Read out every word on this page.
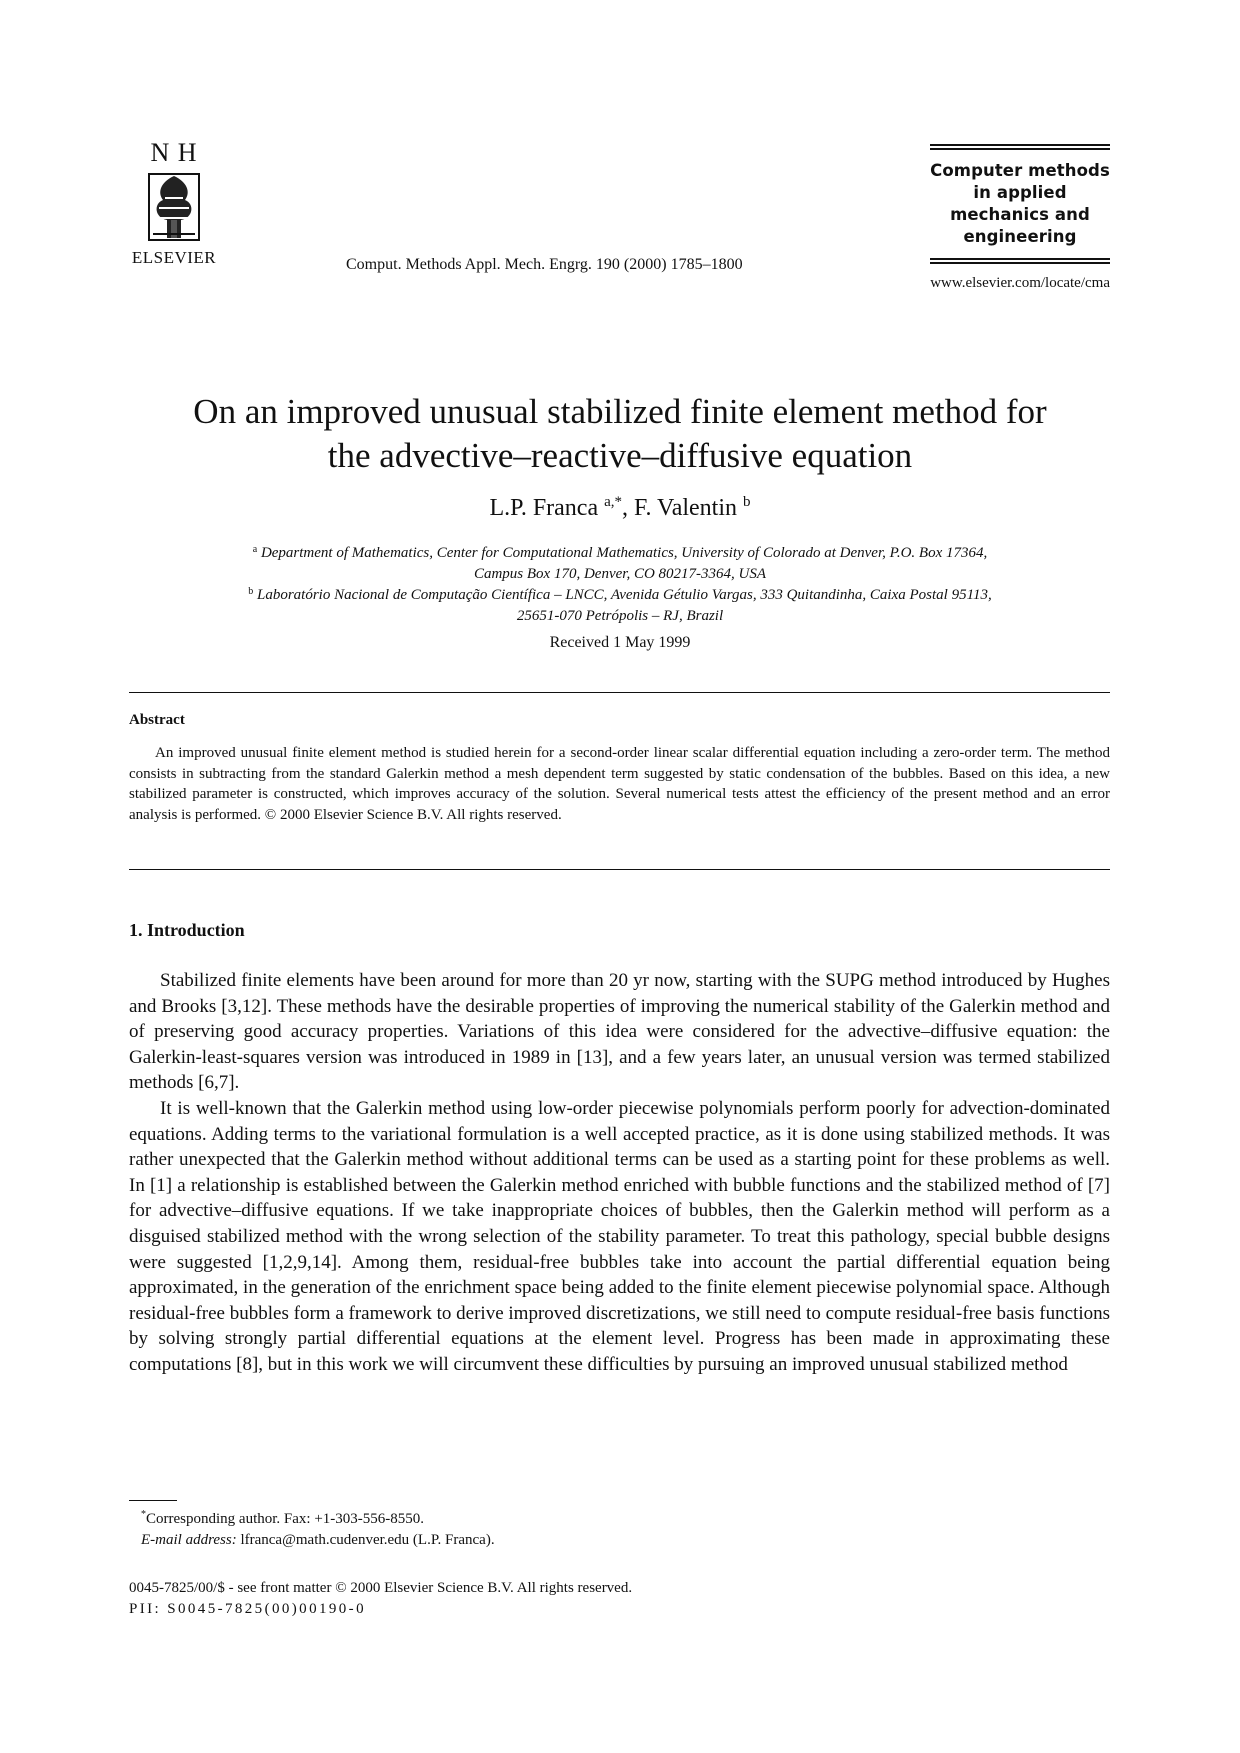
N H
ELSEVIER	Comput. Methods Appl. Mech. Engrg. 190 (2000) 1785–1800
Computer methods
in applied
mechanics and
engineering
www.elsevier.com/locate/cma
On an improved unusual stabilized finite element method for
the advective–reactive–diffusive equation
L.P. Franca $^{a,*}$, F. Valentin $^b$
$^a$ Department of Mathematics, Center for Computational Mathematics, University of Colorado at Denver, P.O. Box 17364,
Campus Box 170, Denver, CO 80217-3364, USA
$^b$ Laboratório Nacional de Computação Científica – LNCC, Avenida Gétulio Vargas, 333 Quitandinha, Caixa Postal 95113,
25651-070 Petrópolis – RJ, Brazil
Received 1 May 1999
Abstract
An improved unusual finite element method is studied herein for a second-order linear scalar differential equation including a zero-order term. The method consists in subtracting from the standard Galerkin method a mesh dependent term suggested by static condensation of the bubbles. Based on this idea, a new stabilized parameter is constructed, which improves accuracy of the solution. Several numerical tests attest the efficiency of the present method and an error analysis is performed. © 2000 Elsevier Science B.V. All rights reserved.
1. Introduction

Stabilized finite elements have been around for more than 20 yr now, starting with the SUPG method introduced by Hughes and Brooks [3,12]. These methods have the desirable properties of improving the numerical stability of the Galerkin method and of preserving good accuracy properties. Variations of this idea were considered for the advective–diffusive equation: the Galerkin-least-squares version was introduced in 1989 in [13], and a few years later, an unusual version was termed stabilized methods [6,7].

It is well-known that the Galerkin method using low-order piecewise polynomials perform poorly for advection-dominated equations. Adding terms to the variational formulation is a well accepted practice, as it is done using stabilized methods. It was rather unexpected that the Galerkin method without additional terms can be used as a starting point for these problems as well. In [1] a relationship is established between the Galerkin method enriched with bubble functions and the stabilized method of [7] for advective–diffusive equations. If we take inappropriate choices of bubbles, then the Galerkin method will perform as a disguised stabilized method with the wrong selection of the stability parameter. To treat this pathology, special bubble designs were suggested [1,2,9,14]. Among them, residual-free bubbles take into account the partial differential equation being approximated, in the generation of the enrichment space being added to the finite element piecewise polynomial space. Although residual-free bubbles form a framework to derive improved discretizations, we still need to compute residual-free basis functions by solving strongly partial differential equations at the element level. Progress has been made in approximating these computations [8], but in this work we will circumvent these difficulties by pursuing an improved unusual stabilized method

*Corresponding author. Fax: +1-303-556-8550.
E-mail address: lfranca@math.cudenver.edu (L.P. Franca).
0045-7825/00/$ - see front matter © 2000 Elsevier Science B.V. All rights reserved.
PII: S0045-7825(00)00190-0
